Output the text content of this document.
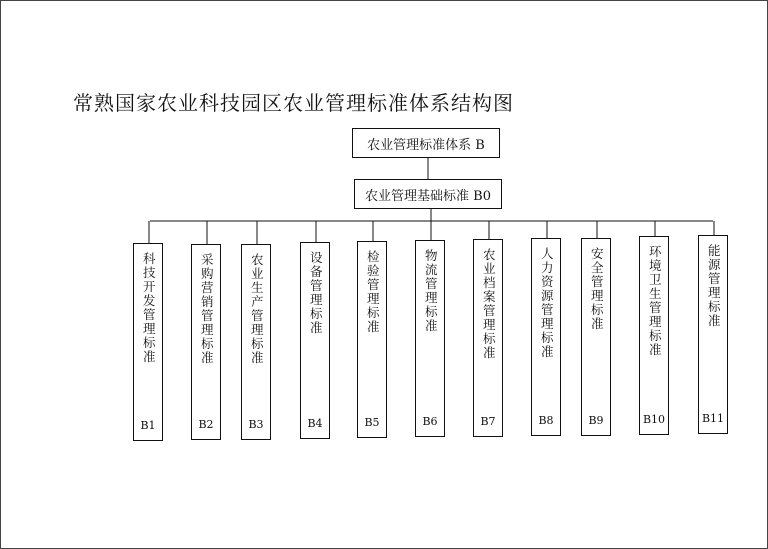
常熟国家农业科技园区农业管理标准体系结构图
农业管理标准体系 B
农业管理基础标准 B0
科技开发管理标准
B1
采购营销管理标准
B2
农业生产管理标准
B3
设备管理标准
B4
检验管理标准
B5
物流管理标准
B6
农业档案管理标准
B7
人力资源管理标准
B8
安全管理标准
B9
环境卫生管理标准
B10
能源管理标准
B11
